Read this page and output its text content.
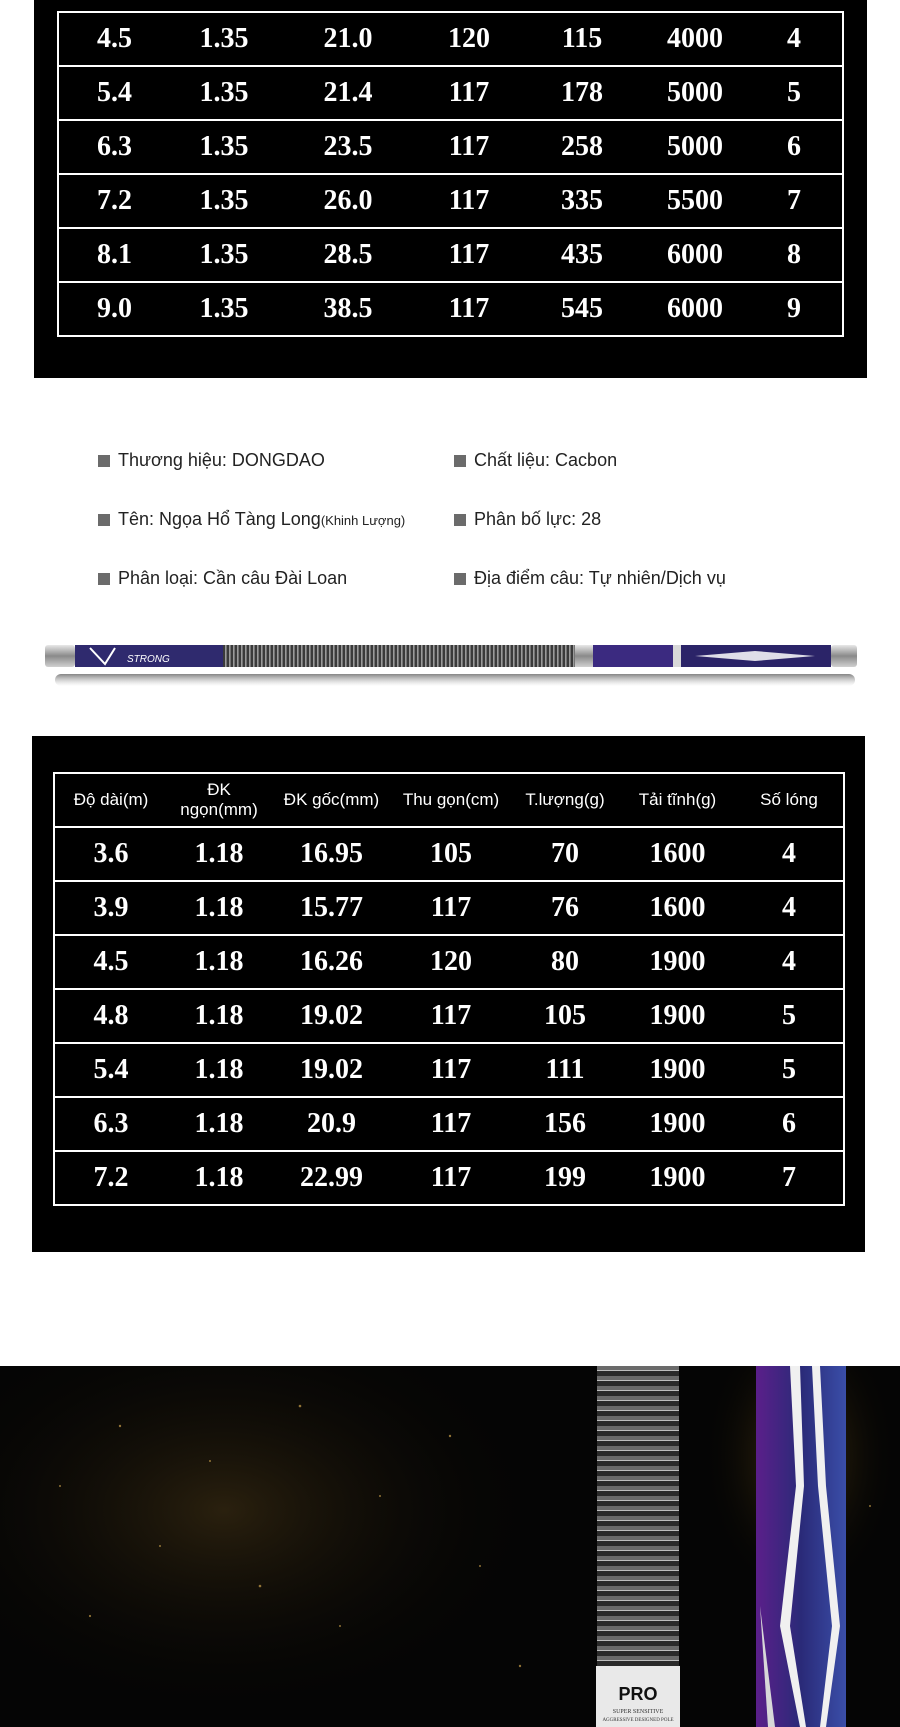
4.5	1.35	21.0	120	115	4000	4
5.4	1.35	21.4	117	178	5000	5
6.3	1.35	23.5	117	258	5000	6
7.2	1.35	26.0	117	335	5500	7
8.1	1.35	28.5	117	435	6000	8
9.0	1.35	38.5	117	545	6000	9
Thương hiệu: DONGDAO	Chất liệu: Cacbon
Tên: Ngọa Hổ Tàng Long(Khinh Lượng)	Phân bố lực: 28
Phân loại: Cần câu Đài Loan	Địa điểm câu: Tự nhiên/Dịch vụ
STRONG
Độ dài(m)	ĐK ngọn(mm)	ĐK gốc(mm)	Thu gọn(cm)	T.lượng(g)	Tải tĩnh(g)	Số lóng
3.6	1.18	16.95	105	70	1600	4
3.9	1.18	15.77	117	76	1600	4
4.5	1.18	16.26	120	80	1900	4
4.8	1.18	19.02	117	105	1900	5
5.4	1.18	19.02	117	111	1900	5
6.3	1.18	20.9	117	156	1900	6
7.2	1.18	22.99	117	199	1900	7
PRO
SUPER SENSITIVE
AGGRESSIVE DESIGNED POLE
